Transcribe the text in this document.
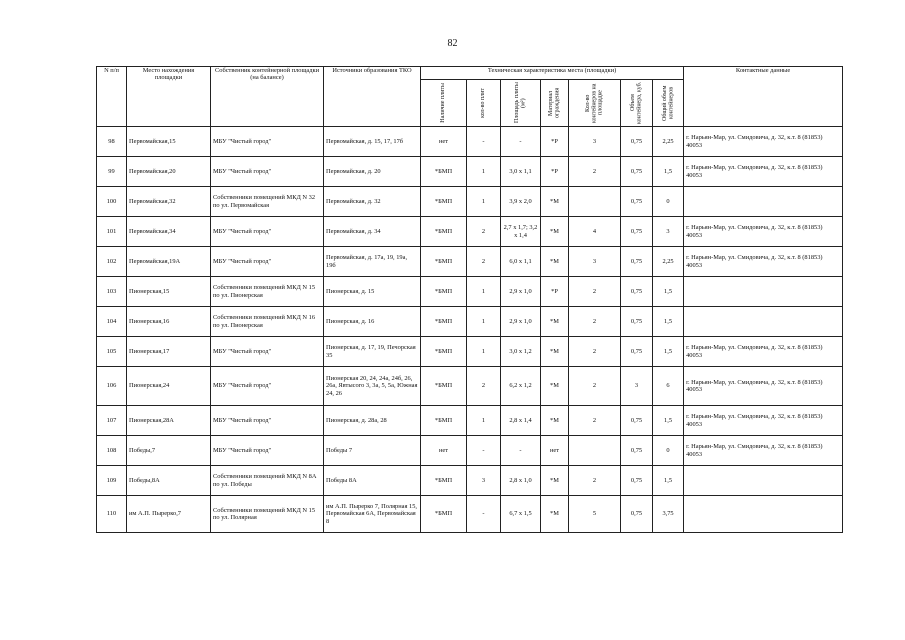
82
N п/п	Место нахождения площадки	Собственник контейнерной площадки (на балансе)	Источники образования ТКО	Техническая характеристика места (площадки)							Контактные данные

				Наличие плиты	кол-во плит	Площадь плиты (м²)	Материал ограждения	Кол-во контейнеров на площадке	Объем контейнера, куб.	Общий объем контейнеров	

98	Первомайская,15	МБУ "Чистый город"	Первомайская, д. 15, 17, 17б	нет	-	-	*Р	3	0,75	2,25	г. Нарьян-Мар, ул. Смидовича, д. 32, к.т. 8 (81853) 40053
99	Первомайская,20	МБУ "Чистый город"	Первомайская, д. 20	*БМП	1	3,0 х 1,1	*Р	2	0,75	1,5	г. Нарьян-Мар, ул. Смидовича, д. 32, к.т. 8 (81853) 40053
100	Первомайская,32	Собственники помещений МКД N 32 по ул. Первомайская	Первомайская, д. 32	*БМП	1	3,9 х 2,0	*М		0,75	0	
101	Первомайская,34	МБУ "Чистый город"	Первомайская, д. 34	*БМП	2	2,7 х 1,7; 3,2 х 1,4	*М	4	0,75	3	г. Нарьян-Мар, ул. Смидовича, д. 32, к.т. 8 (81853) 40053
102	Первомайская,19А	МБУ "Чистый город"	Первомайская, д. 17а, 19, 19а, 19б	*БМП	2	6,0 х 1,1	*М	3	0,75	2,25	г. Нарьян-Мар, ул. Смидовича, д. 32, к.т. 8 (81853) 40053
103	Пионерская,15	Собственники помещений МКД N 15 по ул. Пионерская	Пионерская, д. 15	*БМП	1	2,9 х 1,0	*Р	2	0,75	1,5	
104	Пионерская,16	Собственники помещений МКД N 16 по ул. Пионерская	Пионерская, д. 16	*БМП	1	2,9 х 1,0	*М	2	0,75	1,5	
105	Пионерская,17	МБУ "Чистый город"	Пионерская, д. 17, 19, Печорская 35	*БМП	1	3,0 х 1,2	*М	2	0,75	1,5	г. Нарьян-Мар, ул. Смидовича, д. 32, к.т. 8 (81853) 40053
106	Пионерская,24	МБУ "Чистый город"	Пионерская 20, 24, 24а, 24б, 26, 26а, Явтысого 3, 3а, 5, 5а, Южная 24, 26	*БМП	2	6,2 х 1,2	*М	2	3	6	г. Нарьян-Мар, ул. Смидовича, д. 32, к.т. 8 (81853) 40053
107	Пионерская,28А	МБУ "Чистый город"	Пионерская, д. 28а, 28	*БМП	1	2,8 х 1,4	*М	2	0,75	1,5	г. Нарьян-Мар, ул. Смидовича, д. 32, к.т. 8 (81853) 40053
108	Победы,7	МБУ "Чистый город"	Победы 7	нет	-	-	нет		0,75	0	г. Нарьян-Мар, ул. Смидовича, д. 32, к.т. 8 (81853) 40053
109	Победы,8А	Собственники помещений МКД N 8А по ул. Победы	Победы 8А	*БМП	3	2,8 х 1,0	*М	2	0,75	1,5	
110	им А.П. Пырерко,7	Собственники помещений МКД N 15 по ул. Полярная	им А.П. Пырерко 7, Полярная 15, Первомайская 6А, Первомайская 8	*БМП	-	6,7 х 1,5	*М	5	0,75	3,75	
